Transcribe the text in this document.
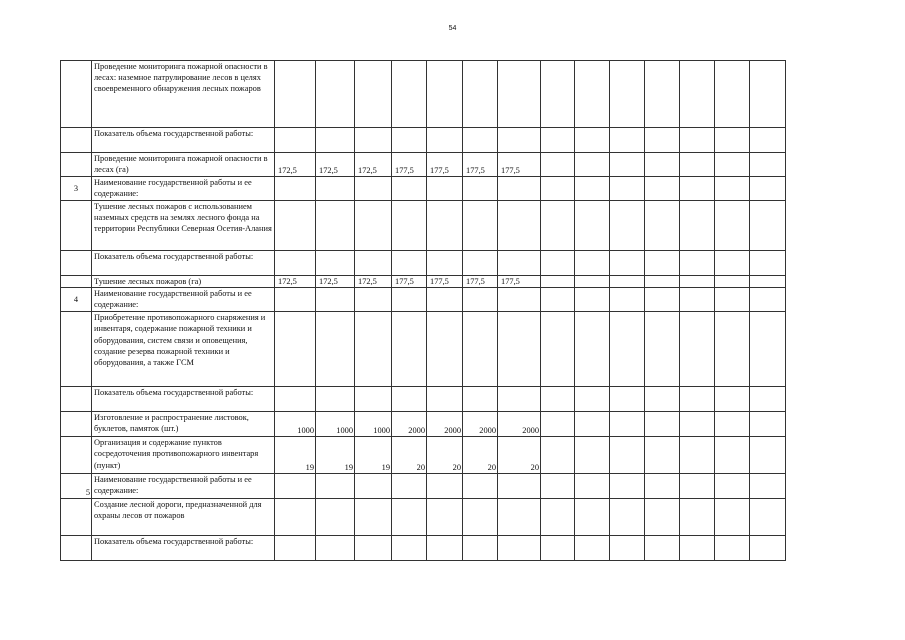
54
	Проведение мониторинга пожарной опасности в лесах: наземное патрулирование лесов в целях своевременного обнаружения лесных пожаров														
	Показатель объема государственной работы:														
	Проведение мониторинга пожарной опасности в лесах (га)	172,5	172,5	172,5	177,5	177,5	177,5	177,5							
3	Наименование государственной работы и ее содержание:														
	Тушение лесных пожаров с использованием наземных средств на землях лесного фонда на территории Республики Северная Осетия-Алания														
	Показатель объема государственной работы:														
	Тушение лесных пожаров (га)	172,5	172,5	172,5	177,5	177,5	177,5	177,5							
4	Наименование государственной работы и ее содержание:														
	Приобретение противопожарного снаряжения и инвентаря, содержание пожарной техники и оборудования, систем связи и оповещения, создание резерва пожарной техники и оборудования, а также ГСМ														
	Показатель объема государственной работы:														
	Изготовление и распространение листовок, буклетов, памяток (шт.)	1000	1000	1000	2000	2000	2000	2000							
	Организация и содержание пунктов сосредоточения противопожарного инвентаря (пункт)	19	19	19	20	20	20	20							
5	Наименование государственной работы и ее содержание:														
	Создание лесной дороги, предназначенной для охраны лесов от пожаров														
	Показатель объема государственной работы:														
